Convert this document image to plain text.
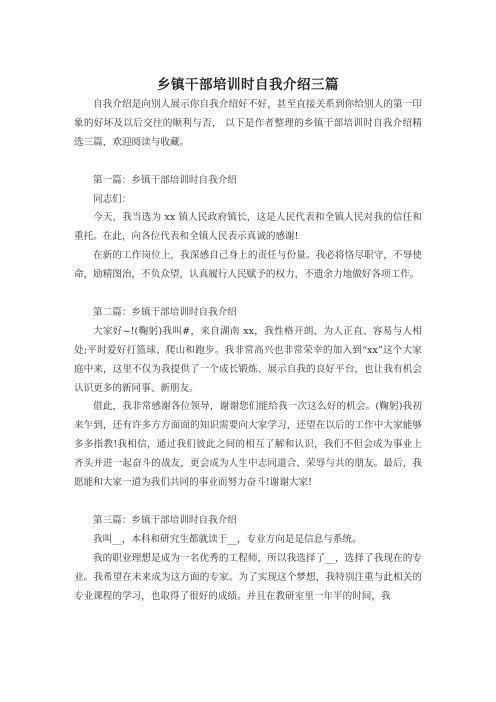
乡镇干部培训时自我介绍三篇

自我介绍是向别人展示你自我介绍好不好，甚至直接关系到你给别人的第一印象的好坏及以后交往的顺利与否， 以下是作者整理的乡镇干部培训时自我介绍精选三篇，欢迎阅读与收藏。

第一篇：乡镇干部培训时自我介绍

同志们：

今天，我当选为 xx 镇人民政府镇长，这是人民代表和全镇人民对我的信任和重托。在此，向各位代表和全镇人民表示真诚的感谢!

在新的工作岗位上，我深感自己身上的责任与份量。我必将恪尽职守，不辱使命，励精图治，不负众望，认真履行人民赋予的权力，不遗余力地做好各项工作。

第二篇：乡镇干部培训时自我介绍

大家好~!(鞠躬)我叫#，来自湖南 xx，我性格开朗、为人正直、容易与人相处;平时爱好打篮球、爬山和跑步。我非常高兴也非常荣幸的加入到“xx”这个大家庭中来，这里不仅为我提供了一个成长锻炼、展示自我的良好平台，也让我有机会认识更多的新同事、新朋友。

借此，我非常感谢各位领导，谢谢您们能给我一次这么好的机会。(鞠躬)我初来乍到，还有许多方方面面的知识需要向大家学习，还望在以后的工作中大家能够多多指教!我相信，通过我们彼此之间的相互了解和认识，我们不但会成为事业上齐头并进一起奋斗的战友，更会成为人生中志同道合、荣辱与共的朋友。最后，我愿能和大家一道为我们共同的事业而努力奋斗!谢谢大家!

第三篇：乡镇干部培训时自我介绍

我叫__，本科和研究生都就读于__，专业方向是是信息与系统。

我的职业理想是成为一名优秀的工程师，所以我选择了__，选择了我现在的专业。我希望在未来成为这方面的专家。为了实现这个梦想，我特别注重与此相关的专业课程的学习，也取得了很好的成绩。并且在教研室里一年半的时间，我
